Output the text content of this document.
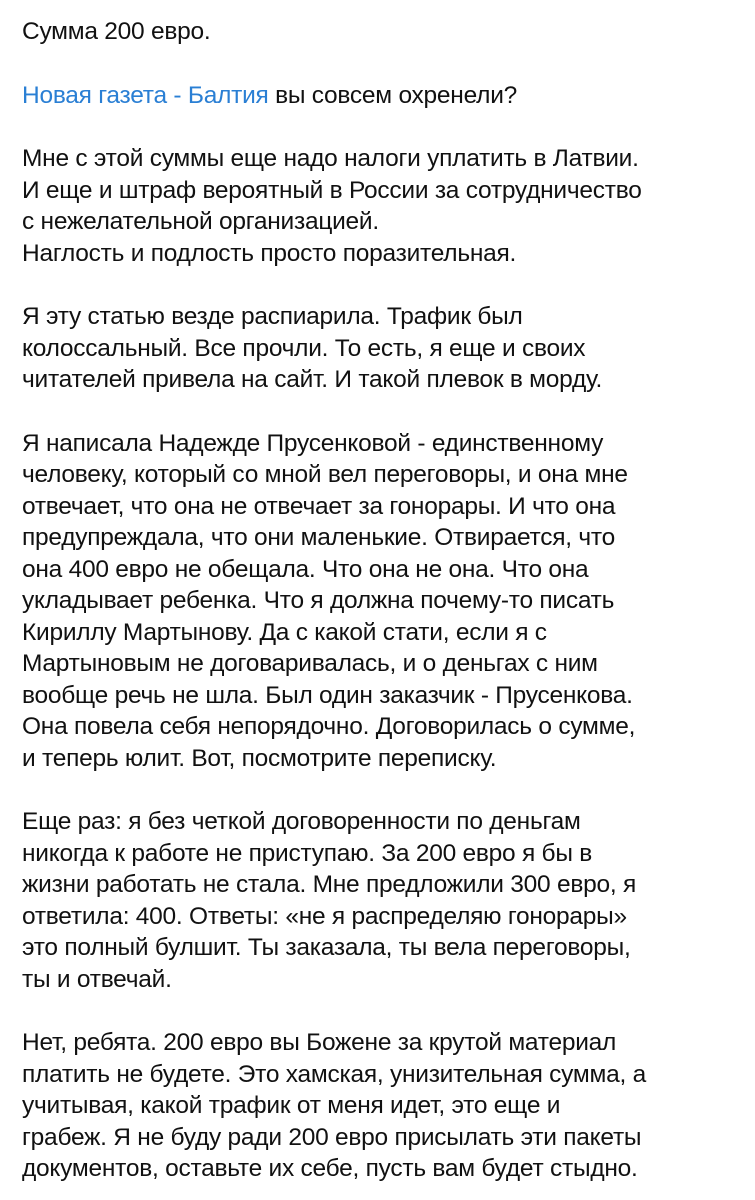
Сумма 200 евро.

Новая газета - Балтия вы совсем охренели?

Мне с этой суммы еще надо налоги уплатить в Латвии.
И еще и штраф вероятный в России за сотрудничество
с нежелательной организацией.
Наглость и подлость просто поразительная.

Я эту статью везде распиарила. Трафик был
колоссальный. Все прочли. То есть, я еще и своих
читателей привела на сайт. И такой плевок в морду.

Я написала Надежде Прусенковой - единственному
человеку, который со мной вел переговоры, и она мне
отвечает, что она не отвечает за гонорары. И что она
предупреждала, что они маленькие. Отвирается, что
она 400 евро не обещала. Что она не она. Что она
укладывает ребенка. Что я должна почему-то писать
Кириллу Мартынову. Да с какой стати, если я с
Мартыновым не договаривалась, и о деньгах с ним
вообще речь не шла. Был один заказчик - Прусенкова.
Она повела себя непорядочно. Договорилась о сумме,
и теперь юлит. Вот, посмотрите переписку.

Еще раз: я без четкой договоренности по деньгам
никогда к работе не приступаю. За 200 евро я бы в
жизни работать не стала. Мне предложили 300 евро, я
ответила: 400. Ответы: «не я распределяю гонорары»
это полный булшит. Ты заказала, ты вела переговоры,
ты и отвечай.

Нет, ребята. 200 евро вы Божене за крутой материал
платить не будете. Это хамская, унизительная сумма, а
учитывая, какой трафик от меня идет, это еще и
грабеж. Я не буду ради 200 евро присылать эти пакеты
документов, оставьте их себе, пусть вам будет стыдно.
